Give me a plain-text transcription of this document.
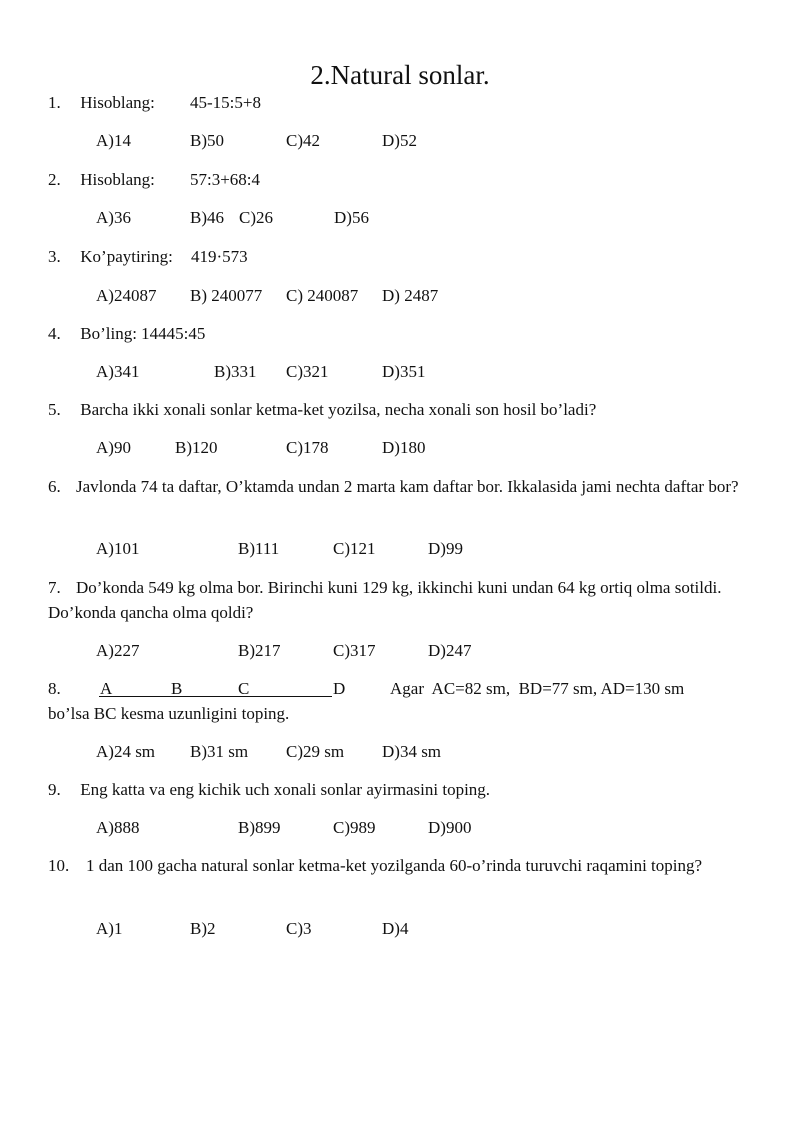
2.Natural sonlar.
1. Hisoblang: 45-15:5+8
A)14	B)50	C)42	D)52
2. Hisoblang: 57:3+68:4
A)36	B)46 C)26	D)56
3. Ko’paytiring: 419·573
A)24087 B) 240077 C) 240087 D) 2487
4. Bo’ling: 14445:45
A)341	B)331 C)321	D)351
5. Barcha ikki xonali sonlar ketma-ket yozilsa, necha xonali son hosil bo’ladi?
A)90	B)120	C)178	D)180
6. Javlonda 74 ta daftar, O’ktamda undan 2 marta kam daftar bor. Ikkalasida jami nechta daftar bor?
A)101	B)111	C)121	D)99
7. Do’konda 549 kg olma bor. Birinchi kuni 129 kg, ikkinchi kuni undan 64 kg ortiq olma sotildi. Do’konda qancha olma qoldi?
A)227	B)217	C)317	D)247
8. A	B	C	D	Agar  AC=82 sm,  BD=77 sm, AD=130 sm
bo’lsa BC kesma uzunligini toping.
A)24 sm B)31 sm C)29 sm D)34 sm
9. Eng katta va eng kichik uch xonali sonlar ayirmasini toping.
A)888	B)899	C)989	D)900
10. 1 dan 100 gacha natural sonlar ketma-ket yozilganda 60-o’rinda turuvchi raqamini toping?
A)1	B)2	C)3	D)4
